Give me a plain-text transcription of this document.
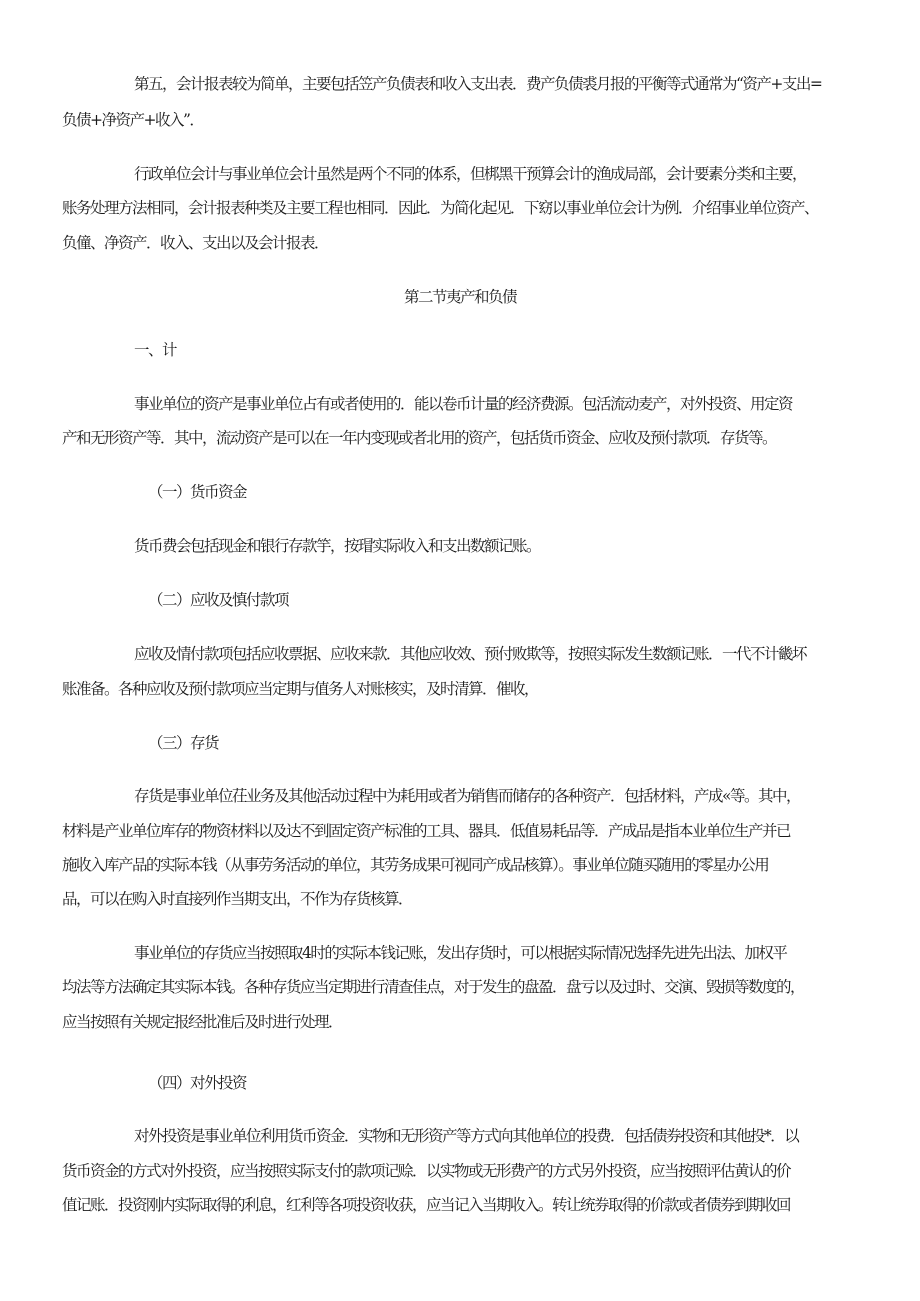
第五，会计报表较为简单，主要包括笠产负债表和收入支出表．费产负债裘月报的平衡等式通常为“资产+支出=
负债+净资产+收入”．
行政单位会计与事业单位会计虽然是两个不同的体系，但梆黑干预算会计的渔成局部，会计要素分类和主要，
账务处理方法相同，会计报表种类及主要工程也相同．因此．为简化起见．下窈以事业单位会计为例．介绍事业单位资产、
负僮、净资产．收入、支出以及会计报表．
第二节夷产和负债
一、计
事业单位的资产是事业单位占有或者使用的．能以卷币计量的经济费源。包活流动麦产，对外投资、用定资
产和无形资产等．其中，流动资产是可以在一年内变现或者北用的资产，包括货币资金、应收及预付款项．存货等。
（一）货币资金
货币费会包括现金和银行存款竽，按瑁实际收入和支出数额记账。
（二）应收及慎付款项
应收及情付款项包括应收票据、应收来款．其他应收效、预付败欺等，按照实际发生数额记账．一代不计畿坏
账准备。各种应收及预付款项应当定期与值务人对账核实，及时清算．催收，
（三）存货
存货是事业单位茌业务及其他活动过程中为耗用或者为销售而储存的各种资产．包括材料，产成«等。其中，
材料是产业单位库存的物资材料以及达不到固定资产标准的工具、器具．低值易耗品等．产成品是指本业单位生产并已
施收入库产品的实际本钱（从事劳务活动的单位，其劳务成果可视同产成品核算）。事业单位随买随用的零星办公用
品，可以在购入时直接列作当期支出，不作为存货核算．
事业单位的存货应当按照取4时的实际本钱记账，发出存货时，可以根据实际情况选择先进先出法、加权平
均法等方法确定其实际本钱。各种存货应当定期进行清查佳点，对于发生的盘盈．盘亏以及过时、交演、毁损等数度的，
应当按照有关规定报经批准后及时进行处理．
（四）对外投资
对外投资是事业单位利用货币资金．实物和无形资产等方式向其他单位的投费．包括债券投资和其他投*．以
货币资金的方式对外投资，应当按照实际支付的款项记赊．以实物或无形费产的方式另外投资，应当按照评估黄认的价
值记账．投资刚内实际取得的利息，红利等各项投资收获，应当记入当期收入。转让统券取得的价款或者债券到期收回
